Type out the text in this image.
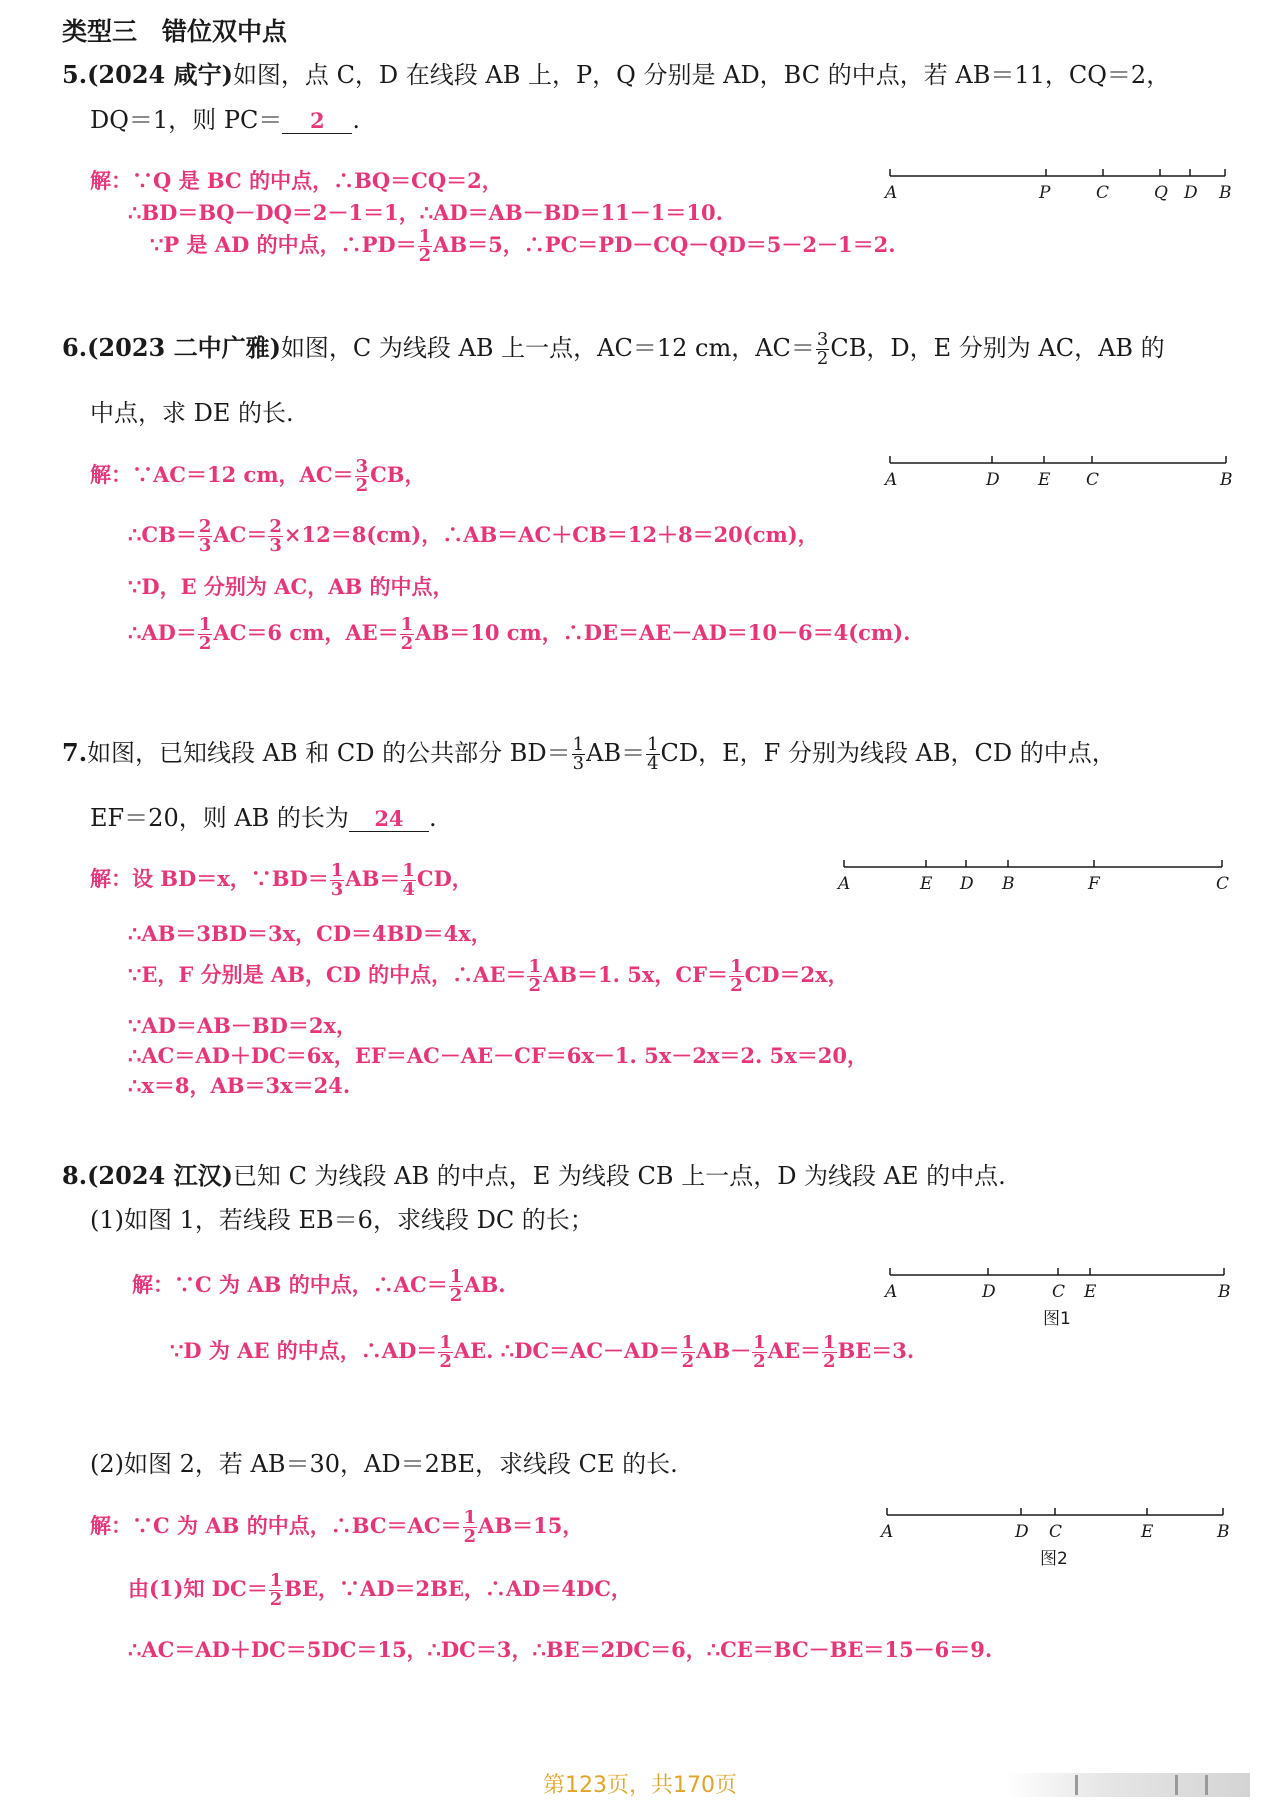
类型三　错位双中点
5.(2024 咸宁)如图，点 C，D 在线段 AB 上，P，Q 分别是 AD，BC 的中点，若 AB＝11，CQ＝2，
DQ＝1，则 PC＝ 2 .
解：∵Q 是 BC 的中点，∴BQ＝CQ＝2，
∴BD＝BQ－DQ＝2－1＝1，∴AD＝AB－BD＝11－1＝10.
∵P 是 AD 的中点，∴PD＝ $\frac{1}{2} AB=5$，∴PC＝PD－CQ－QD＝5－2－1＝2.
A	P	C	Q D B
6.(2023 二中广雅)如图，C 为线段 AB 上一点，AC＝12 cm，$AC= \frac{3}{2}$ CB，D，E 分别为 AC，AB 的
中点，求 DE 的长.
解：∵AC＝12 cm，$AC= \frac{3}{2}$ CB，
∴CB＝ $\frac{2}{3} AC= \frac{2}{3} \times 12=8(cm)$，∴AB＝AC＋CB＝12＋8＝20(cm)，
∵D，E 分别为 AC，AB 的中点，
∴AD＝ $\frac{1}{2} AC=6$ cm，$AE= \frac{1}{2} AB=10$ cm，∴DE＝AE－AD＝10－6＝4(cm).
A	D E C	B
7.如图，已知线段 AB 和 CD 的公共部分 $BD= \frac{1}{3} AB= \frac{1}{4}$ CD，E，F 分别为线段 AB，CD 的中点，
EF＝20，则 AB 的长为 24 .
解：设 BD＝x，∵BD＝ $\frac{1}{3} AB= \frac{1}{4}$ CD，
∴AB＝3BD＝3x，CD＝4BD＝4x，
∵E，F 分别是 AB，CD 的中点，∴AE＝ $\frac{1}{2} AB=1$. 5x，$CF= \frac{1}{2} CD=2x$，
∵AD＝AB－BD＝2x，
∴AC＝AD＋DC＝6x，EF＝AC－AE－CF＝6x－1. 5x－2x＝2. 5x＝20，
∴x＝8，AB＝3x＝24.
A	E D B	F	C
8.(2024 江汉)已知 C 为线段 AB 的中点，E 为线段 CB 上一点，D 为线段 AE 的中点.
(1)如图 1，若线段 EB＝6，求线段 DC 的长；
解：∵C 为 AB 的中点，∴AC＝ $\frac{1}{2}$ AB.
∵D 为 AE 的中点，∴AD＝ $\frac{1}{2}$ AE. ∴DC＝AC－AD＝ $\frac{1}{2} AB- \frac{1}{2} AE= \frac{1}{2} BE=3$.
A	D	C E	B
图1
(2)如图 2，若 AB＝30，AD＝2BE，求线段 CE 的长.
解：∵C 为 AB 的中点，∴BC＝AC＝ $\frac{1}{2} AB=15$，
由(1)知 $DC= \frac{1}{2}$ BE，∵AD＝2BE，∴AD＝4DC，
∴AC＝AD＋DC＝5DC＝15，∴DC＝3，∴BE＝2DC＝6，∴CE＝BC－BE＝15－6＝9.
A	D C	E	B
图2
第123页，共170页
